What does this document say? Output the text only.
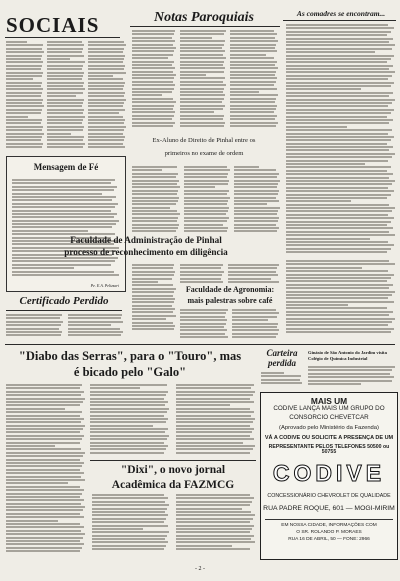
SOCIAIS	Notas Paroquiais	As comadres se encontram...
Mensagem de Fé
Pe. E.A. Pelizzari
Certificado Perdido
Ex-Aluno de Direito de Pinhal entre os
primeiros no exame de ordem
Faculdade de Administração de Pinhal
processo de reconhecimento em diligência
Faculdade de Agronomia:
mais palestras sobre café
"Diabo das Serras", para o "Touro", mas
é bicado pelo "Galo"
Carteira
perdida
Ginásio de São Antonio do Jardim visita Colégio de Química Industrial
MAIS UM
CODIVE LANÇA MAIS UM GRUPO DO
CONSORCIO CHEVETCAR
(Aprovado pelo Ministério da Fazenda)
VÁ A CODIVE OU SOLICITE A PRESENÇA DE UM
REPRESENTANTE PELOS TELEFONES 50500 ou 50755
CODIVE
CONCESSIONÁRIO CHEVROLET DE QUALIDADE
RUA PADRE ROQUE, 601 — MOGI-MIRIM
EM NOSSA CIDADE, INFORMAÇÕES COM
O SR. ROLANDO P. MORAES
RUA 16 DE ABRIL, 50 — FONE: 2966
"Dixi", o novo jornal
Acadêmica da FAZMCG
- 2 -
